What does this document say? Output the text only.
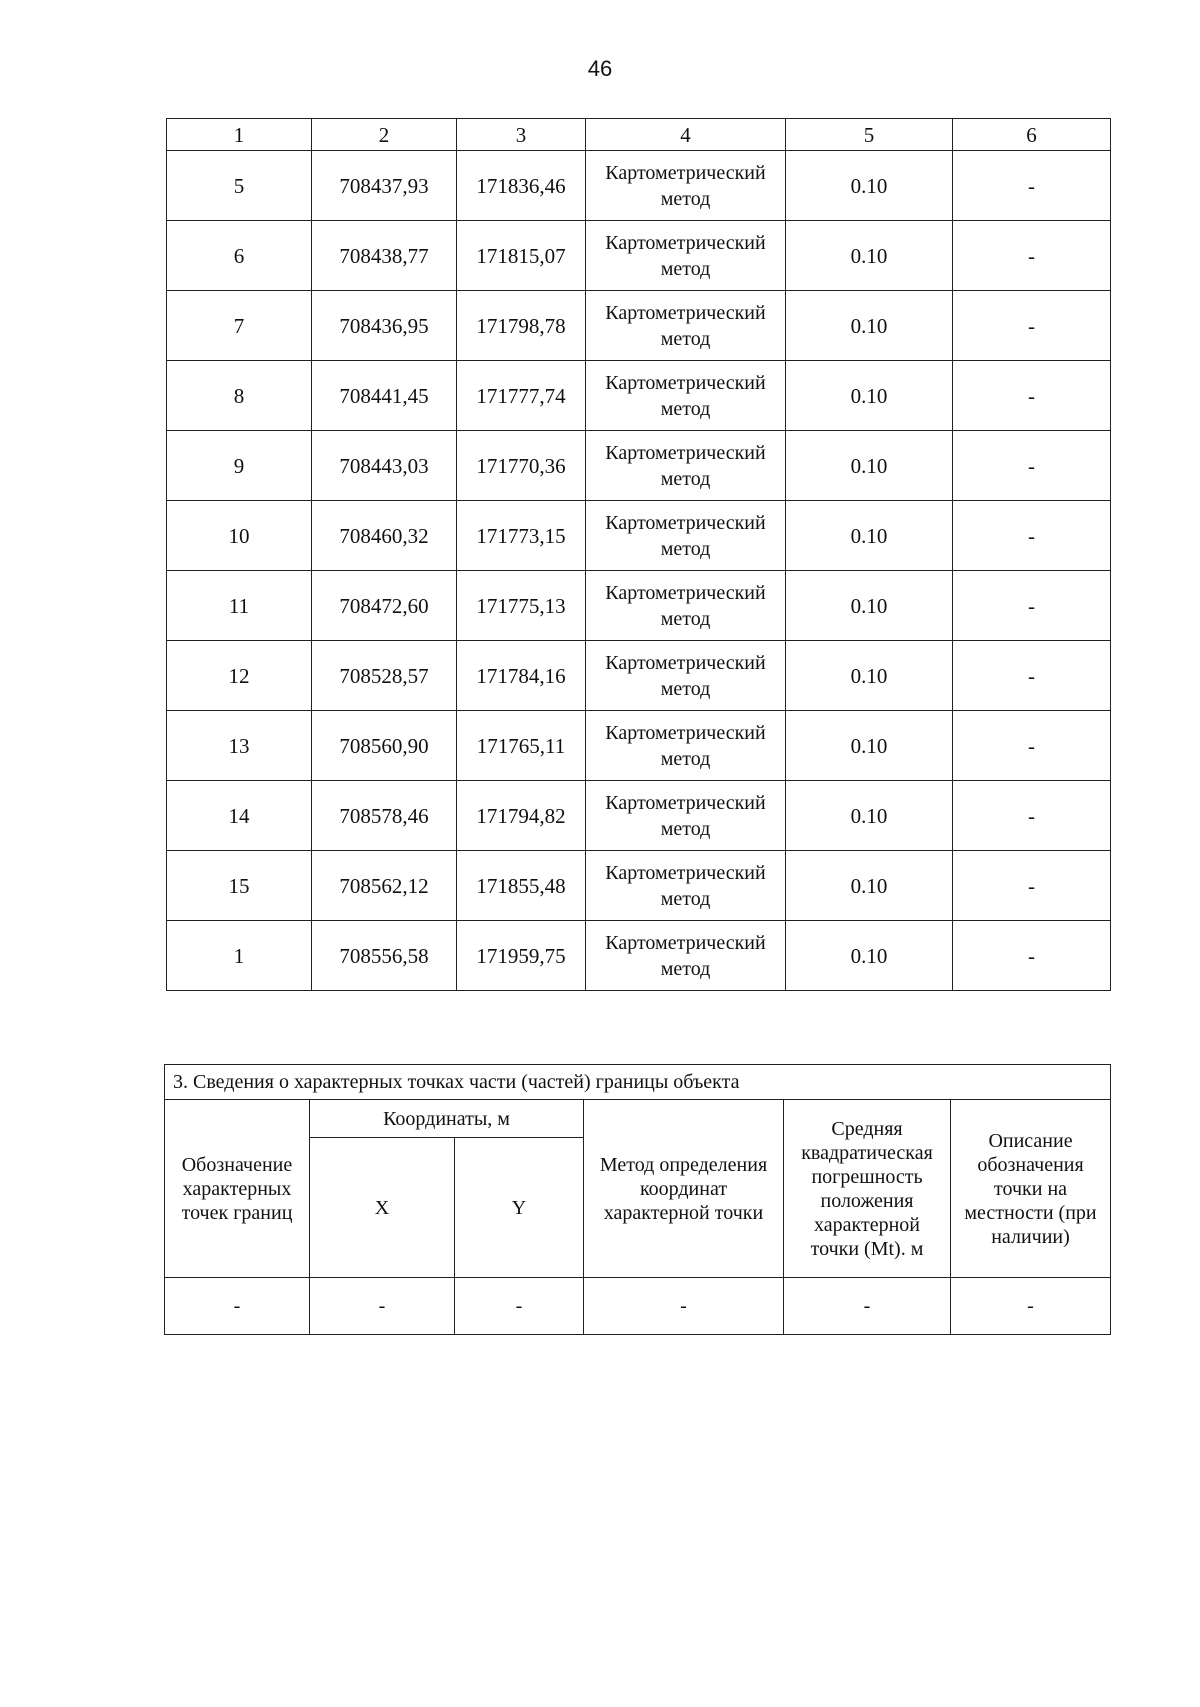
46
1	2	3	4	5	6
5	708437,93	171836,46	Картометрический метод	0.10	-
6	708438,77	171815,07	Картометрический метод	0.10	-
7	708436,95	171798,78	Картометрический метод	0.10	-
8	708441,45	171777,74	Картометрический метод	0.10	-
9	708443,03	171770,36	Картометрический метод	0.10	-
10	708460,32	171773,15	Картометрический метод	0.10	-
11	708472,60	171775,13	Картометрический метод	0.10	-
12	708528,57	171784,16	Картометрический метод	0.10	-
13	708560,90	171765,11	Картометрический метод	0.10	-
14	708578,46	171794,82	Картометрический метод	0.10	-
15	708562,12	171855,48	Картометрический метод	0.10	-
1	708556,58	171959,75	Картометрический метод	0.10	-
3. Сведения о характерных точках части (частей) границы объекта					
Обозначение характерных точек границ	Координаты, м		Метод определения координат характерной точки	Средняя квадратическая погрешность положения характерной точки (Mt). м	Описание обозначения точки на местности (при наличии)
	X	Y			
-	-	-	-	-	-
